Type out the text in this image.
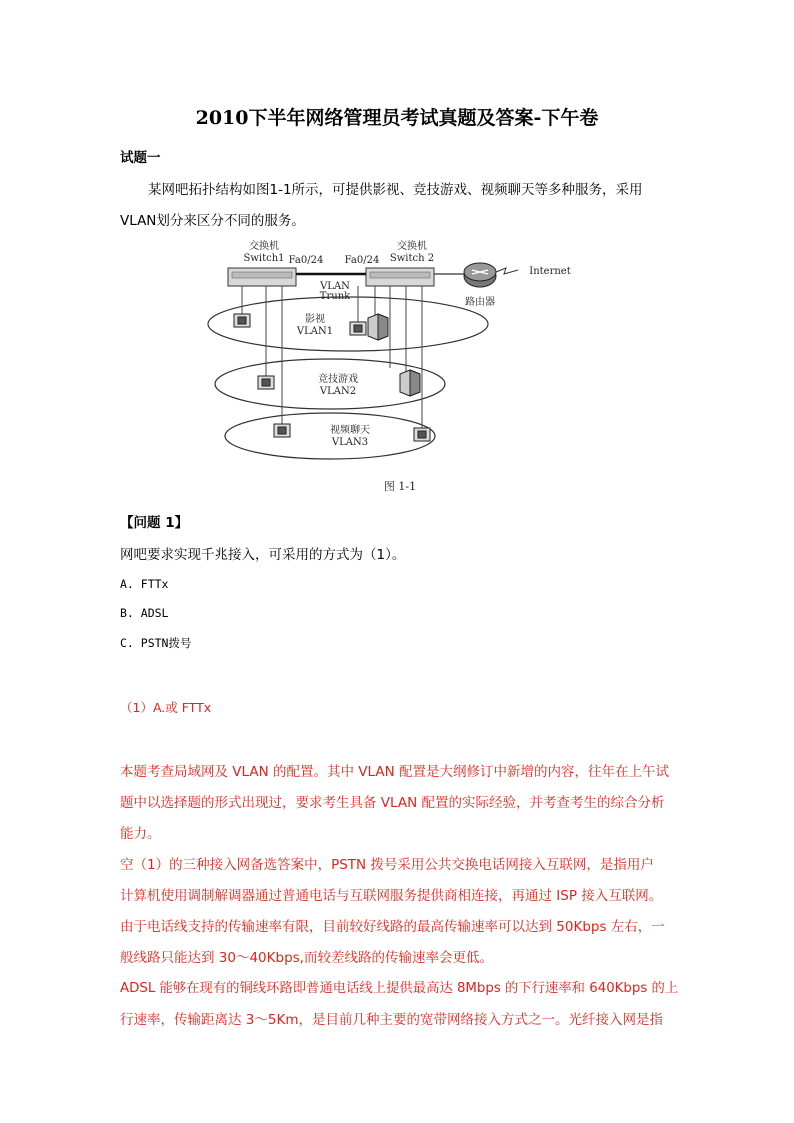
2010下半年网络管理员考试真题及答案-下午卷
试题一
某网吧拓扑结构如图1-1所示，可提供影视、竞技游戏、视频聊天等多种服务，采用
VLAN划分来区分不同的服务。
交换机
Switch1 Fa0/24 Fa0/24
交换机
Switch 2
VLAN
Trunk
路由器
Internet
影视
VLAN1
竞技游戏
VLAN2
视频聊天
VLAN3
图 1-1
【问题 1】
网吧要求实现千兆接入，可采用的方式为（1）。
A. FTTx
B. ADSL
C. PSTN拨号
（1）A.或 FTTx
本题考查局域网及 VLAN 的配置。其中 VLAN 配置是大纲修订中新增的内容，往年在上午试
题中以选择题的形式出现过，要求考生具备 VLAN 配置的实际经验，并考查考生的综合分析
能力。
空（1）的三种接入网备选答案中，PSTN 拨号采用公共交换电话网接入互联网，是指用户
计算机使用调制解调器通过普通电话与互联网服务提供商相连接，再通过 ISP 接入互联网。
由于电话线支持的传输速率有限，目前较好线路的最高传输速率可以达到 50Kbps 左右，一
般线路只能达到 30～40Kbps,而较差线路的传输速率会更低。
ADSL 能够在现有的铜线环路即普通电话线上提供最高达 8Mbps 的下行速率和 640Kbps 的上
行速率，传输距离达 3～5Km，是目前几种主要的宽带网络接入方式之一。光纤接入网是指
